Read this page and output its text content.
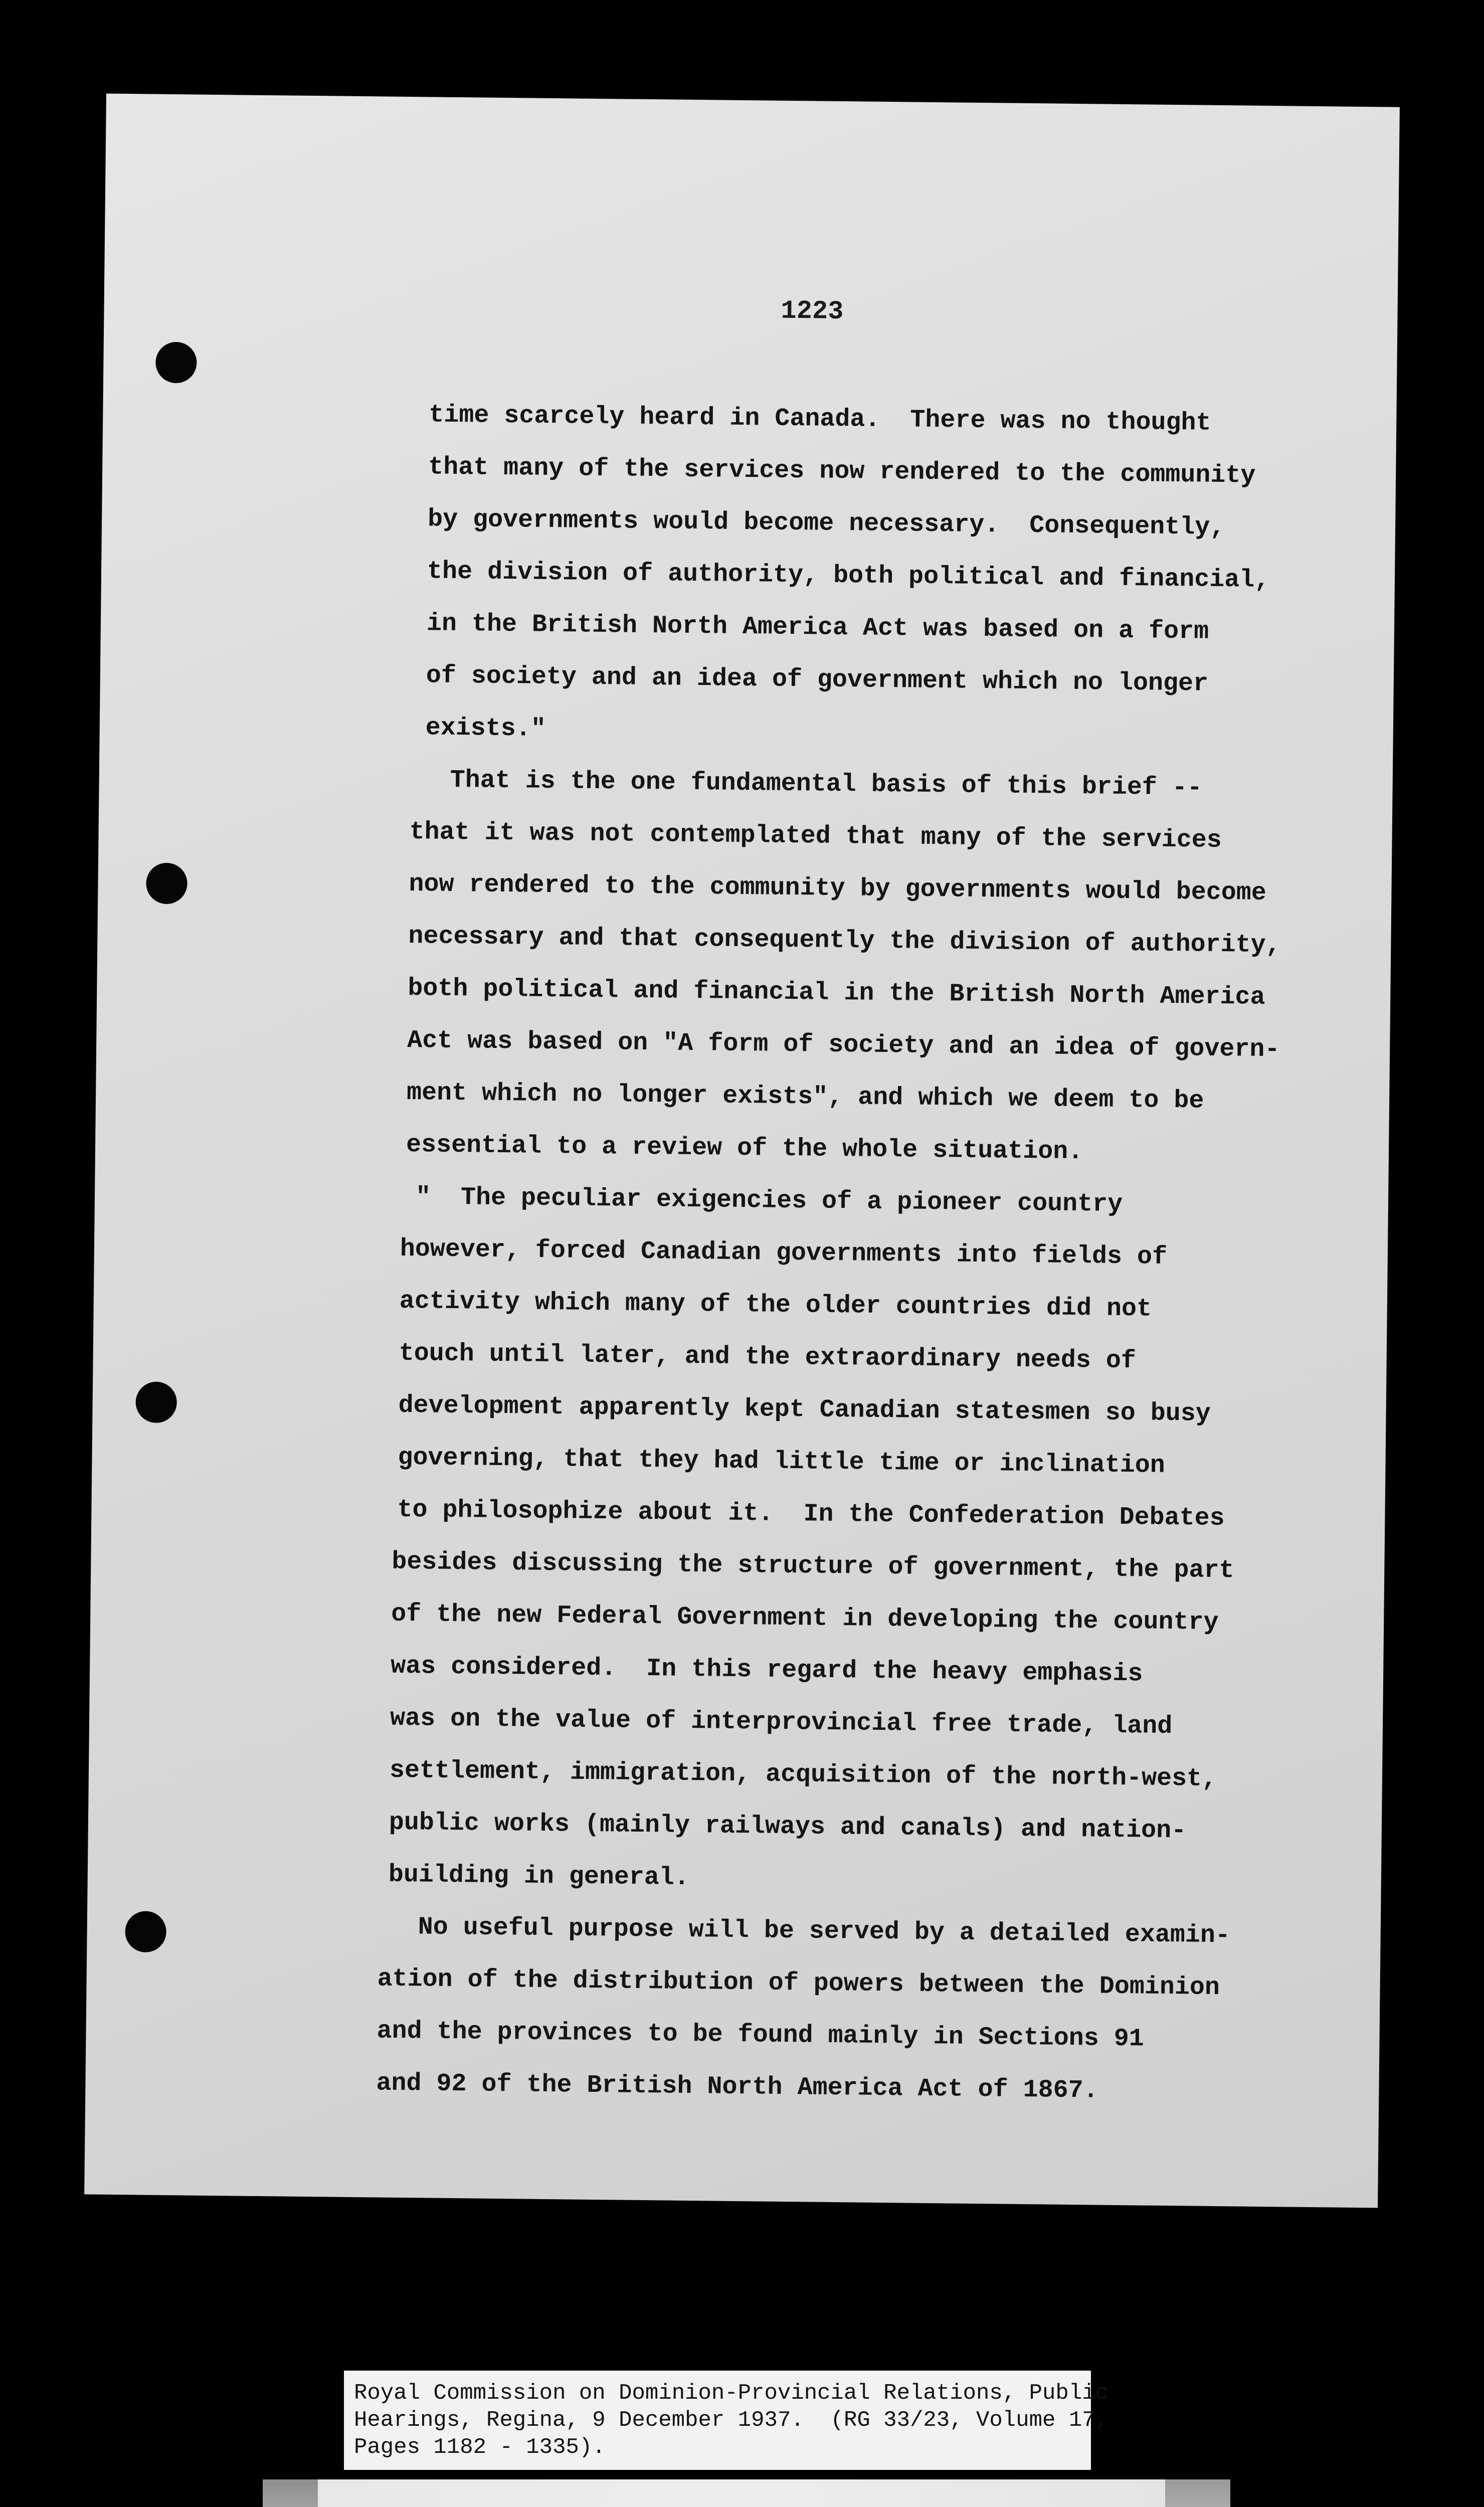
1223
time scarcely heard in Canada.  There was no thought
that many of the services now rendered to the community
by governments would become necessary.  Consequently,
the division of authority, both political and financial,
in the British North America Act was based on a form
of society and an idea of government which no longer
exists."
That is the one fundamental basis of this brief --
that it was not contemplated that many of the services
now rendered to the community by governments would become
necessary and that consequently the division of authority,
both political and financial in the British North America
Act was based on "A form of society and an idea of govern-
ment which no longer exists", and which we deem to be
essential to a review of the whole situation.
"  The peculiar exigencies of a pioneer country
however, forced Canadian governments into fields of
activity which many of the older countries did not
touch until later, and the extraordinary needs of
development apparently kept Canadian statesmen so busy
governing, that they had little time or inclination
to philosophize about it.  In the Confederation Debates
besides discussing the structure of government, the part
of the new Federal Government in developing the country
was considered.  In this regard the heavy emphasis
was on the value of interprovincial free trade, land
settlement, immigration, acquisition of the north-west,
public works (mainly railways and canals) and nation-
building in general.
No useful purpose will be served by a detailed examin-
ation of the distribution of powers between the Dominion
and the provinces to be found mainly in Sections 91
and 92 of the British North America Act of 1867.
Royal Commission on Dominion-Provincial Relations, Public
Hearings, Regina, 9 December 1937.  (RG 33/23, Volume 17,
Pages 1182 - 1335).
